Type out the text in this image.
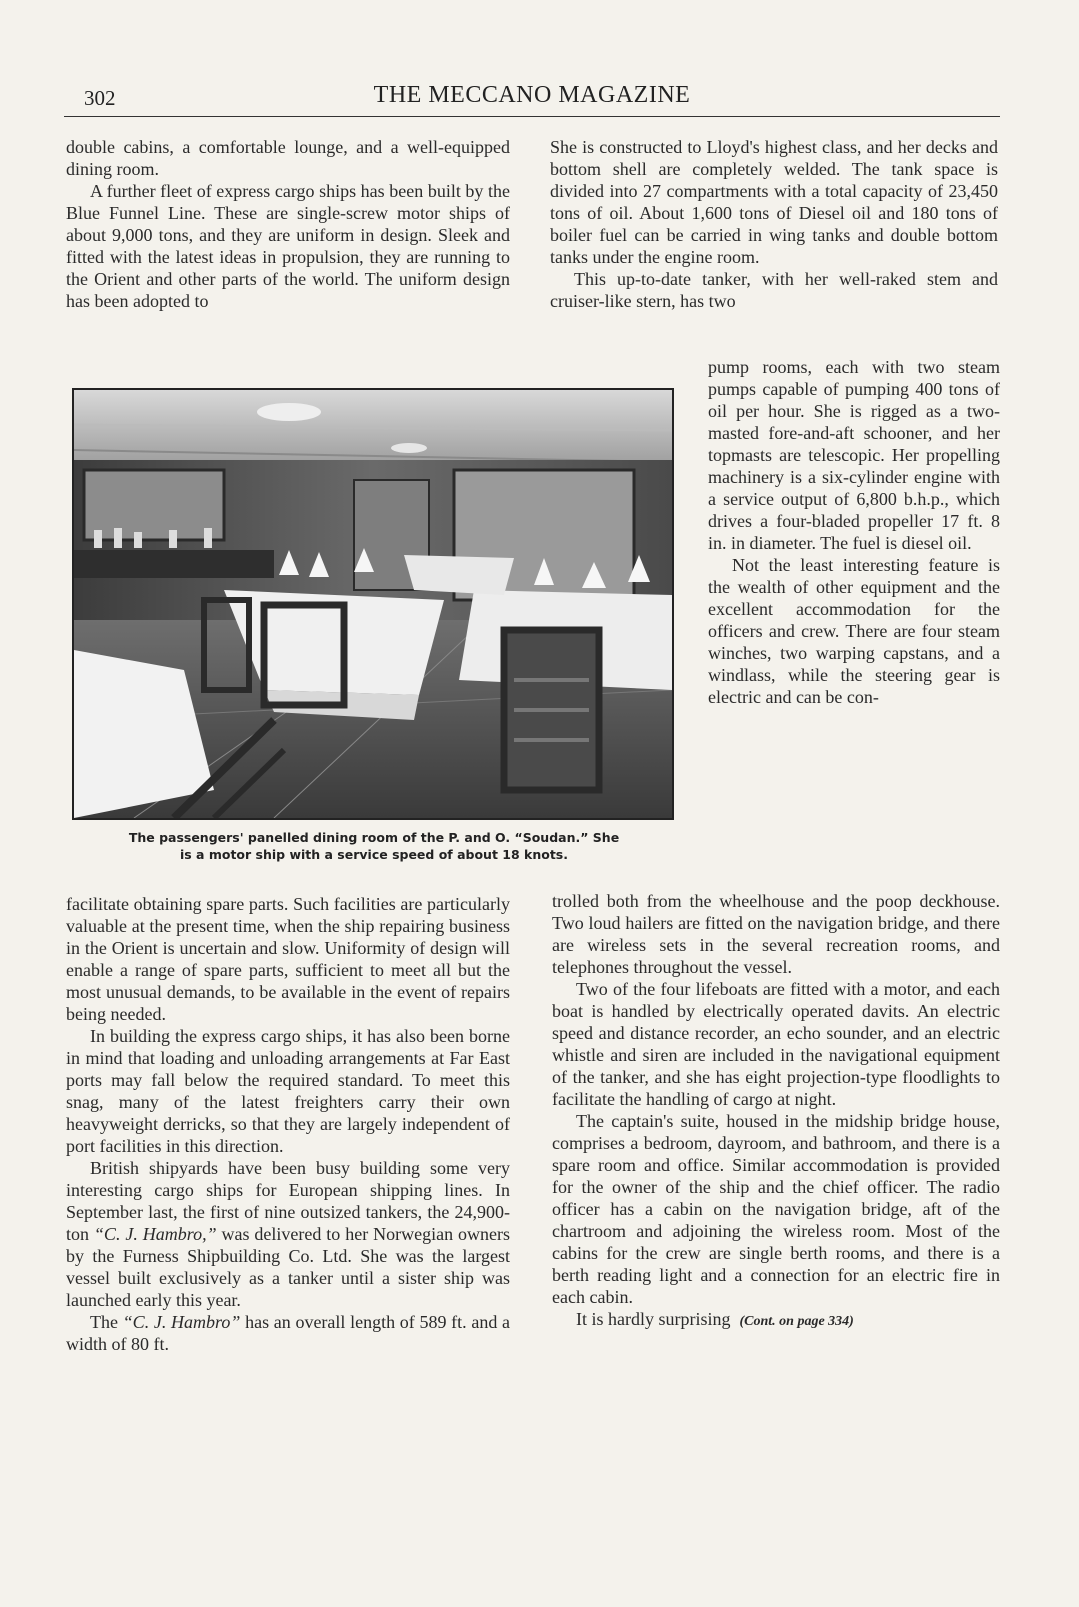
302	THE MECCANO MAGAZINE

double cabins, a comfortable lounge, and a well-equipped dining room.

A further fleet of express cargo ships has been built by the Blue Funnel Line. These are single-screw motor ships of about 9,000 tons, and they are uniform in design. Sleek and fitted with the latest ideas in propulsion, they are running to the Orient and other parts of the world. The uniform design has been adopted to

She is constructed to Lloyd's highest class, and her decks and bottom shell are completely welded. The tank space is divided into 27 compartments with a total capacity of 23,450 tons of oil. About 1,600 tons of Diesel oil and 180 tons of boiler fuel can be carried in wing tanks and double bottom tanks under the engine room.

This up-to-date tanker, with her well-raked stem and cruiser-like stern, has two

The passengers' panelled dining room of the P. and O. “Soudan.” She
is a motor ship with a service speed of about 18 knots.

pump rooms, each with two steam pumps capable of pumping 400 tons of oil per hour. She is rigged as a two-masted fore-and-aft schooner, and her topmasts are telescopic. Her propelling machinery is a six-cylinder engine with a service output of 6,800 b.h.p., which drives a four-bladed propeller 17 ft. 8 in. in diameter. The fuel is diesel oil.

Not the least interesting feature is the wealth of other equipment and the excellent accommodation for the officers and crew. There are four steam winches, two warping capstans, and a windlass, while the steering gear is electric and can be con-

facilitate obtaining spare parts. Such facilities are particularly valuable at the present time, when the ship repairing business in the Orient is uncertain and slow. Uniformity of design will enable a range of spare parts, sufficient to meet all but the most unusual demands, to be available in the event of repairs being needed.

In building the express cargo ships, it has also been borne in mind that loading and unloading arrangements at Far East ports may fall below the required standard. To meet this snag, many of the latest freighters carry their own heavyweight derricks, so that they are largely independent of port facilities in this direction.

British shipyards have been busy building some very interesting cargo ships for European shipping lines. In September last, the first of nine outsized tankers, the 24,900-ton “C. J. Hambro,” was delivered to her Norwegian owners by the Furness Shipbuilding Co. Ltd. She was the largest vessel built exclusively as a tanker until a sister ship was launched early this year.

The “C. J. Hambro” has an overall length of 589 ft. and a width of 80 ft.

trolled both from the wheelhouse and the poop deckhouse. Two loud hailers are fitted on the navigation bridge, and there are wireless sets in the several recreation rooms, and telephones throughout the vessel.

Two of the four lifeboats are fitted with a motor, and each boat is handled by electrically operated davits. An electric speed and distance recorder, an echo sounder, and an electric whistle and siren are included in the navigational equipment of the tanker, and she has eight projection-type floodlights to facilitate the handling of cargo at night.

The captain's suite, housed in the midship bridge house, comprises a bedroom, dayroom, and bathroom, and there is a spare room and office. Similar accommodation is provided for the owner of the ship and the chief officer. The radio officer has a cabin on the navigation bridge, aft of the chartroom and adjoining the wireless room. Most of the cabins for the crew are single berth rooms, and there is a berth reading light and a connection for an electric fire in each cabin.

It is hardly surprising (Cont. on page 334)
